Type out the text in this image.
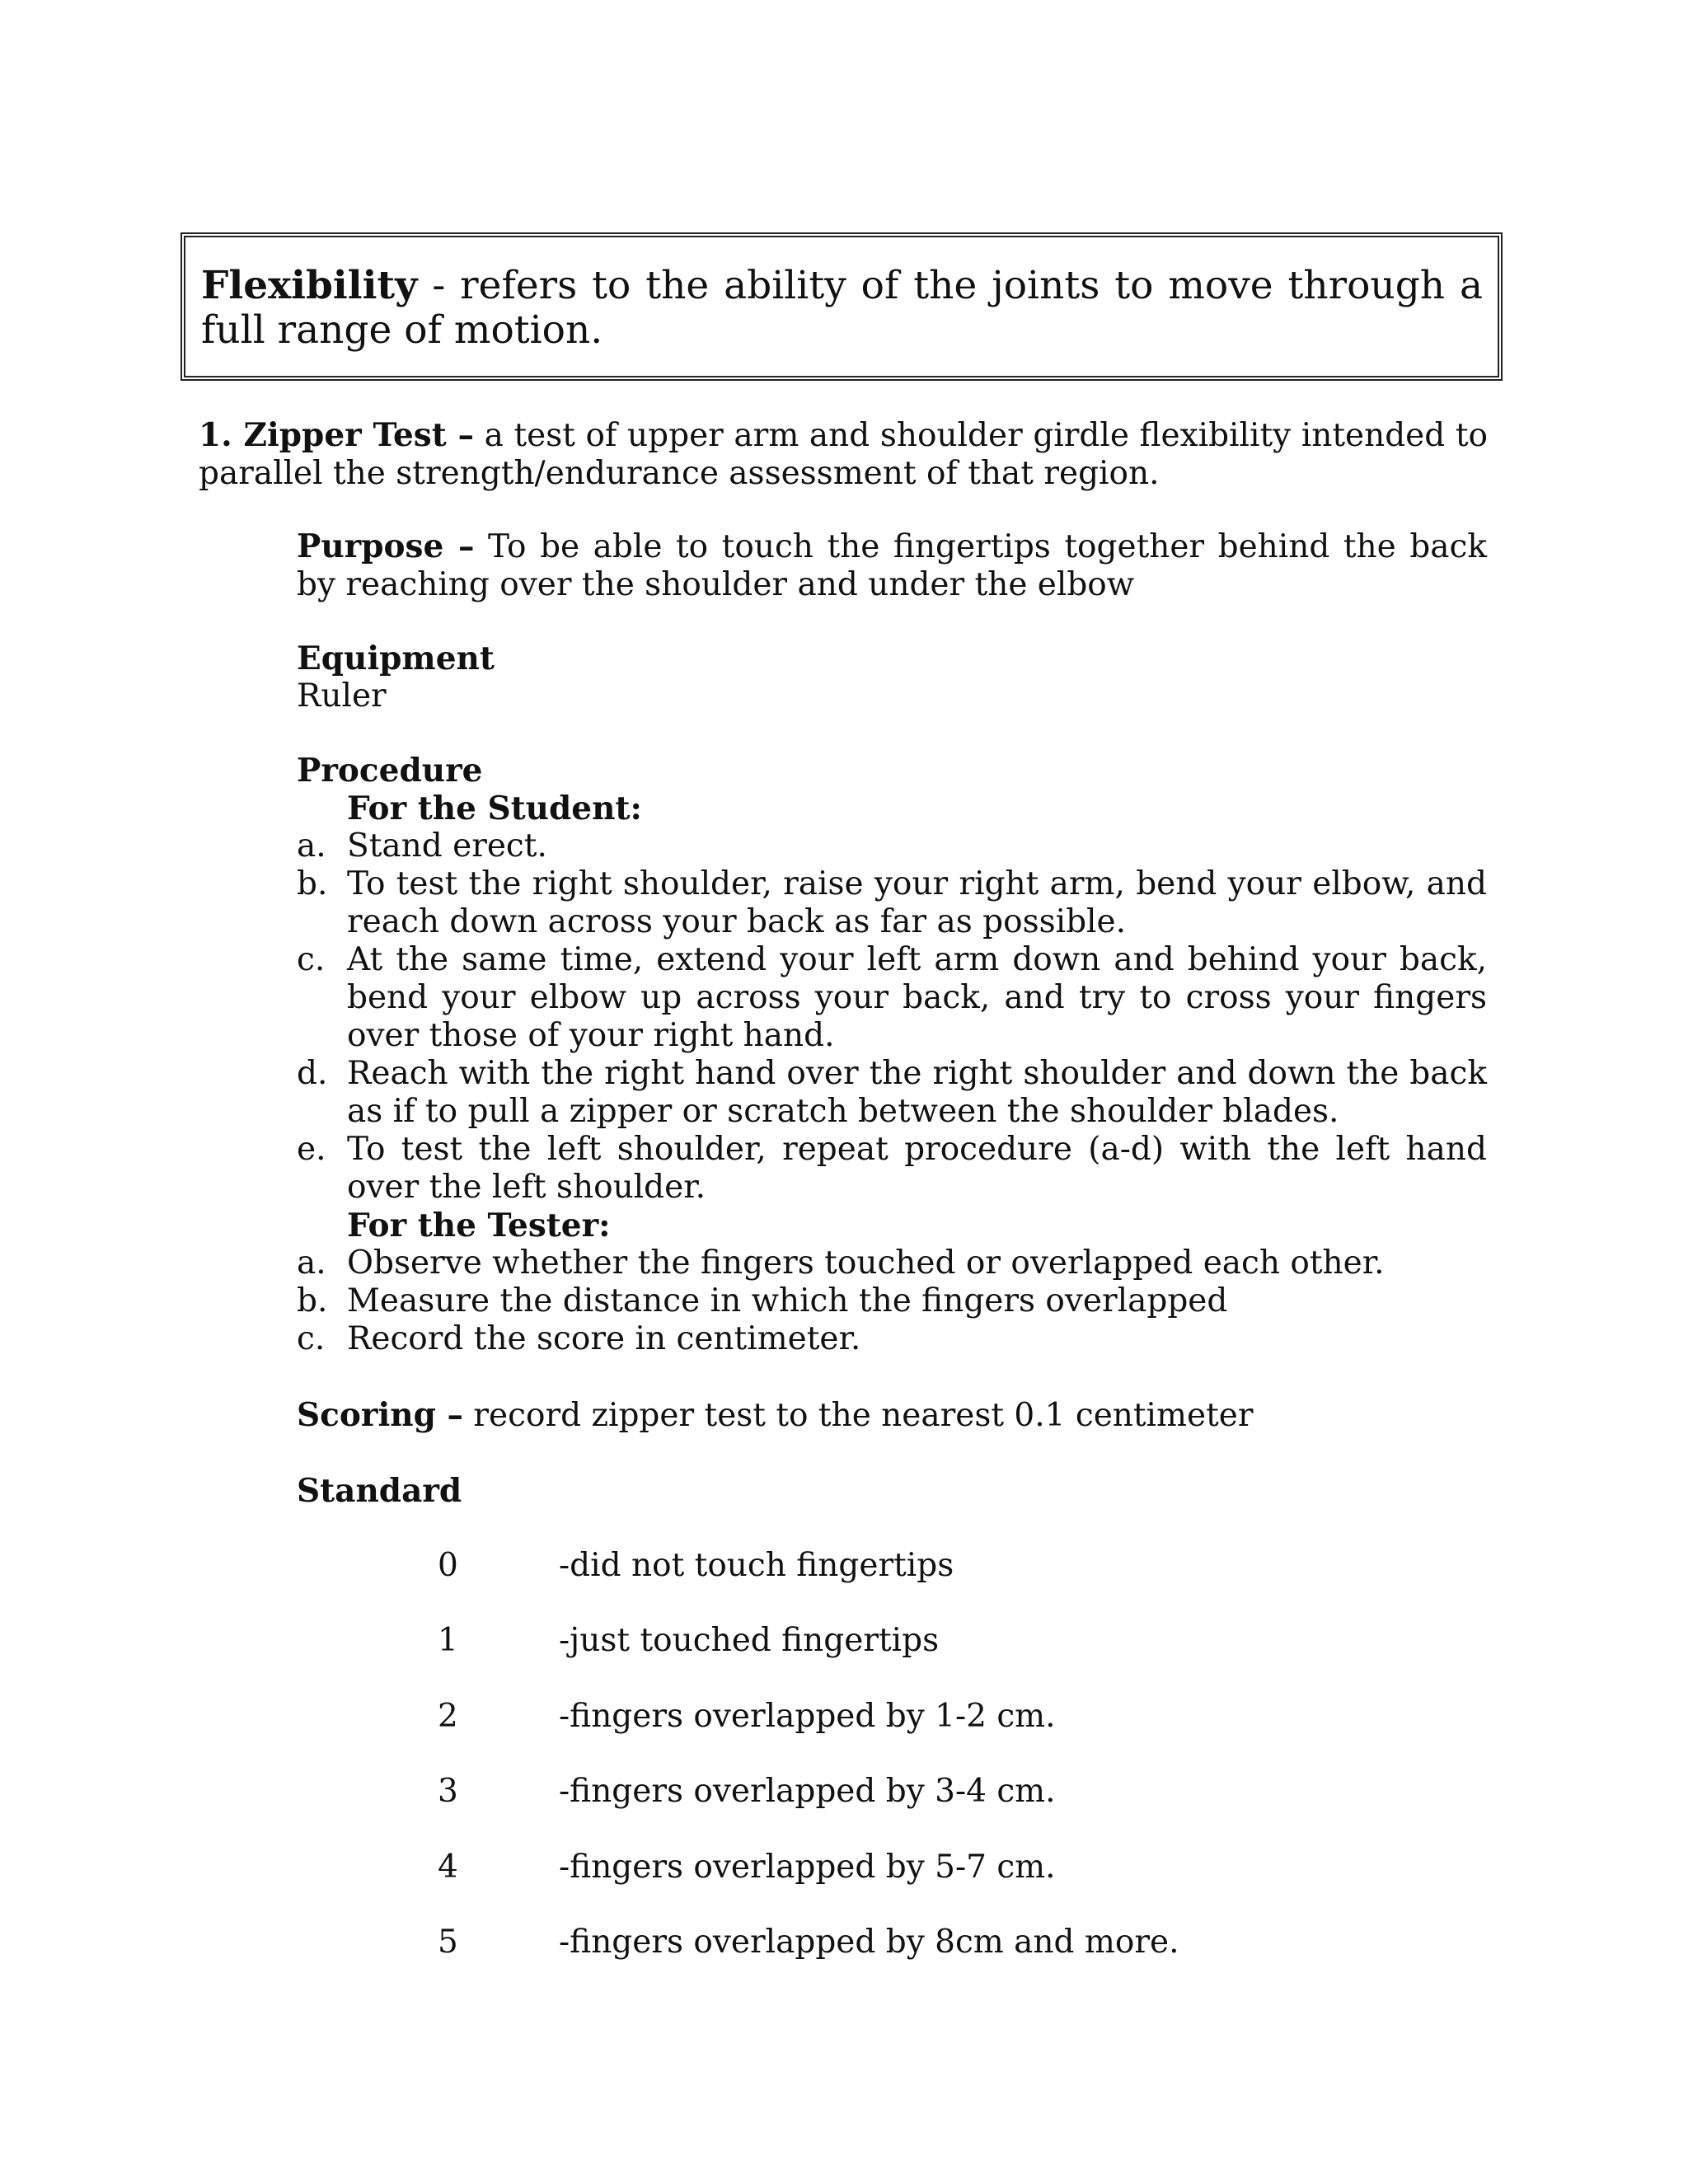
Flexibility - refers to the ability of the joints to move through a full range of motion.

1. Zipper Test – a test of upper arm and shoulder girdle flexibility intended to parallel the strength/endurance assessment of that region.

Purpose – To be able to touch the fingertips together behind the back by reaching over the shoulder and under the elbow

Equipment

Ruler

Procedure

For the Student:

a. Stand erect.
b. To test the right shoulder, raise your right arm, bend your elbow, and reach down across your back as far as possible.
c. At the same time, extend your left arm down and behind your back, bend your elbow up across your back, and try to cross your fingers over those of your right hand.
d. Reach with the right hand over the right shoulder and down the back as if to pull a zipper or scratch between the shoulder blades.
e. To test the left shoulder, repeat procedure (a-d) with the left hand over the left shoulder.

For the Tester:

a. Observe whether the fingers touched or overlapped each other.
b. Measure the distance in which the fingers overlapped
c. Record the score in centimeter.

Scoring – record zipper test to the nearest 0.1 centimeter

Standard

0	-did not touch fingertips
1	-just touched fingertips
2	-fingers overlapped by 1-2 cm.
3	-fingers overlapped by 3-4 cm.
4	-fingers overlapped by 5-7 cm.
5	-fingers overlapped by 8cm and more.
